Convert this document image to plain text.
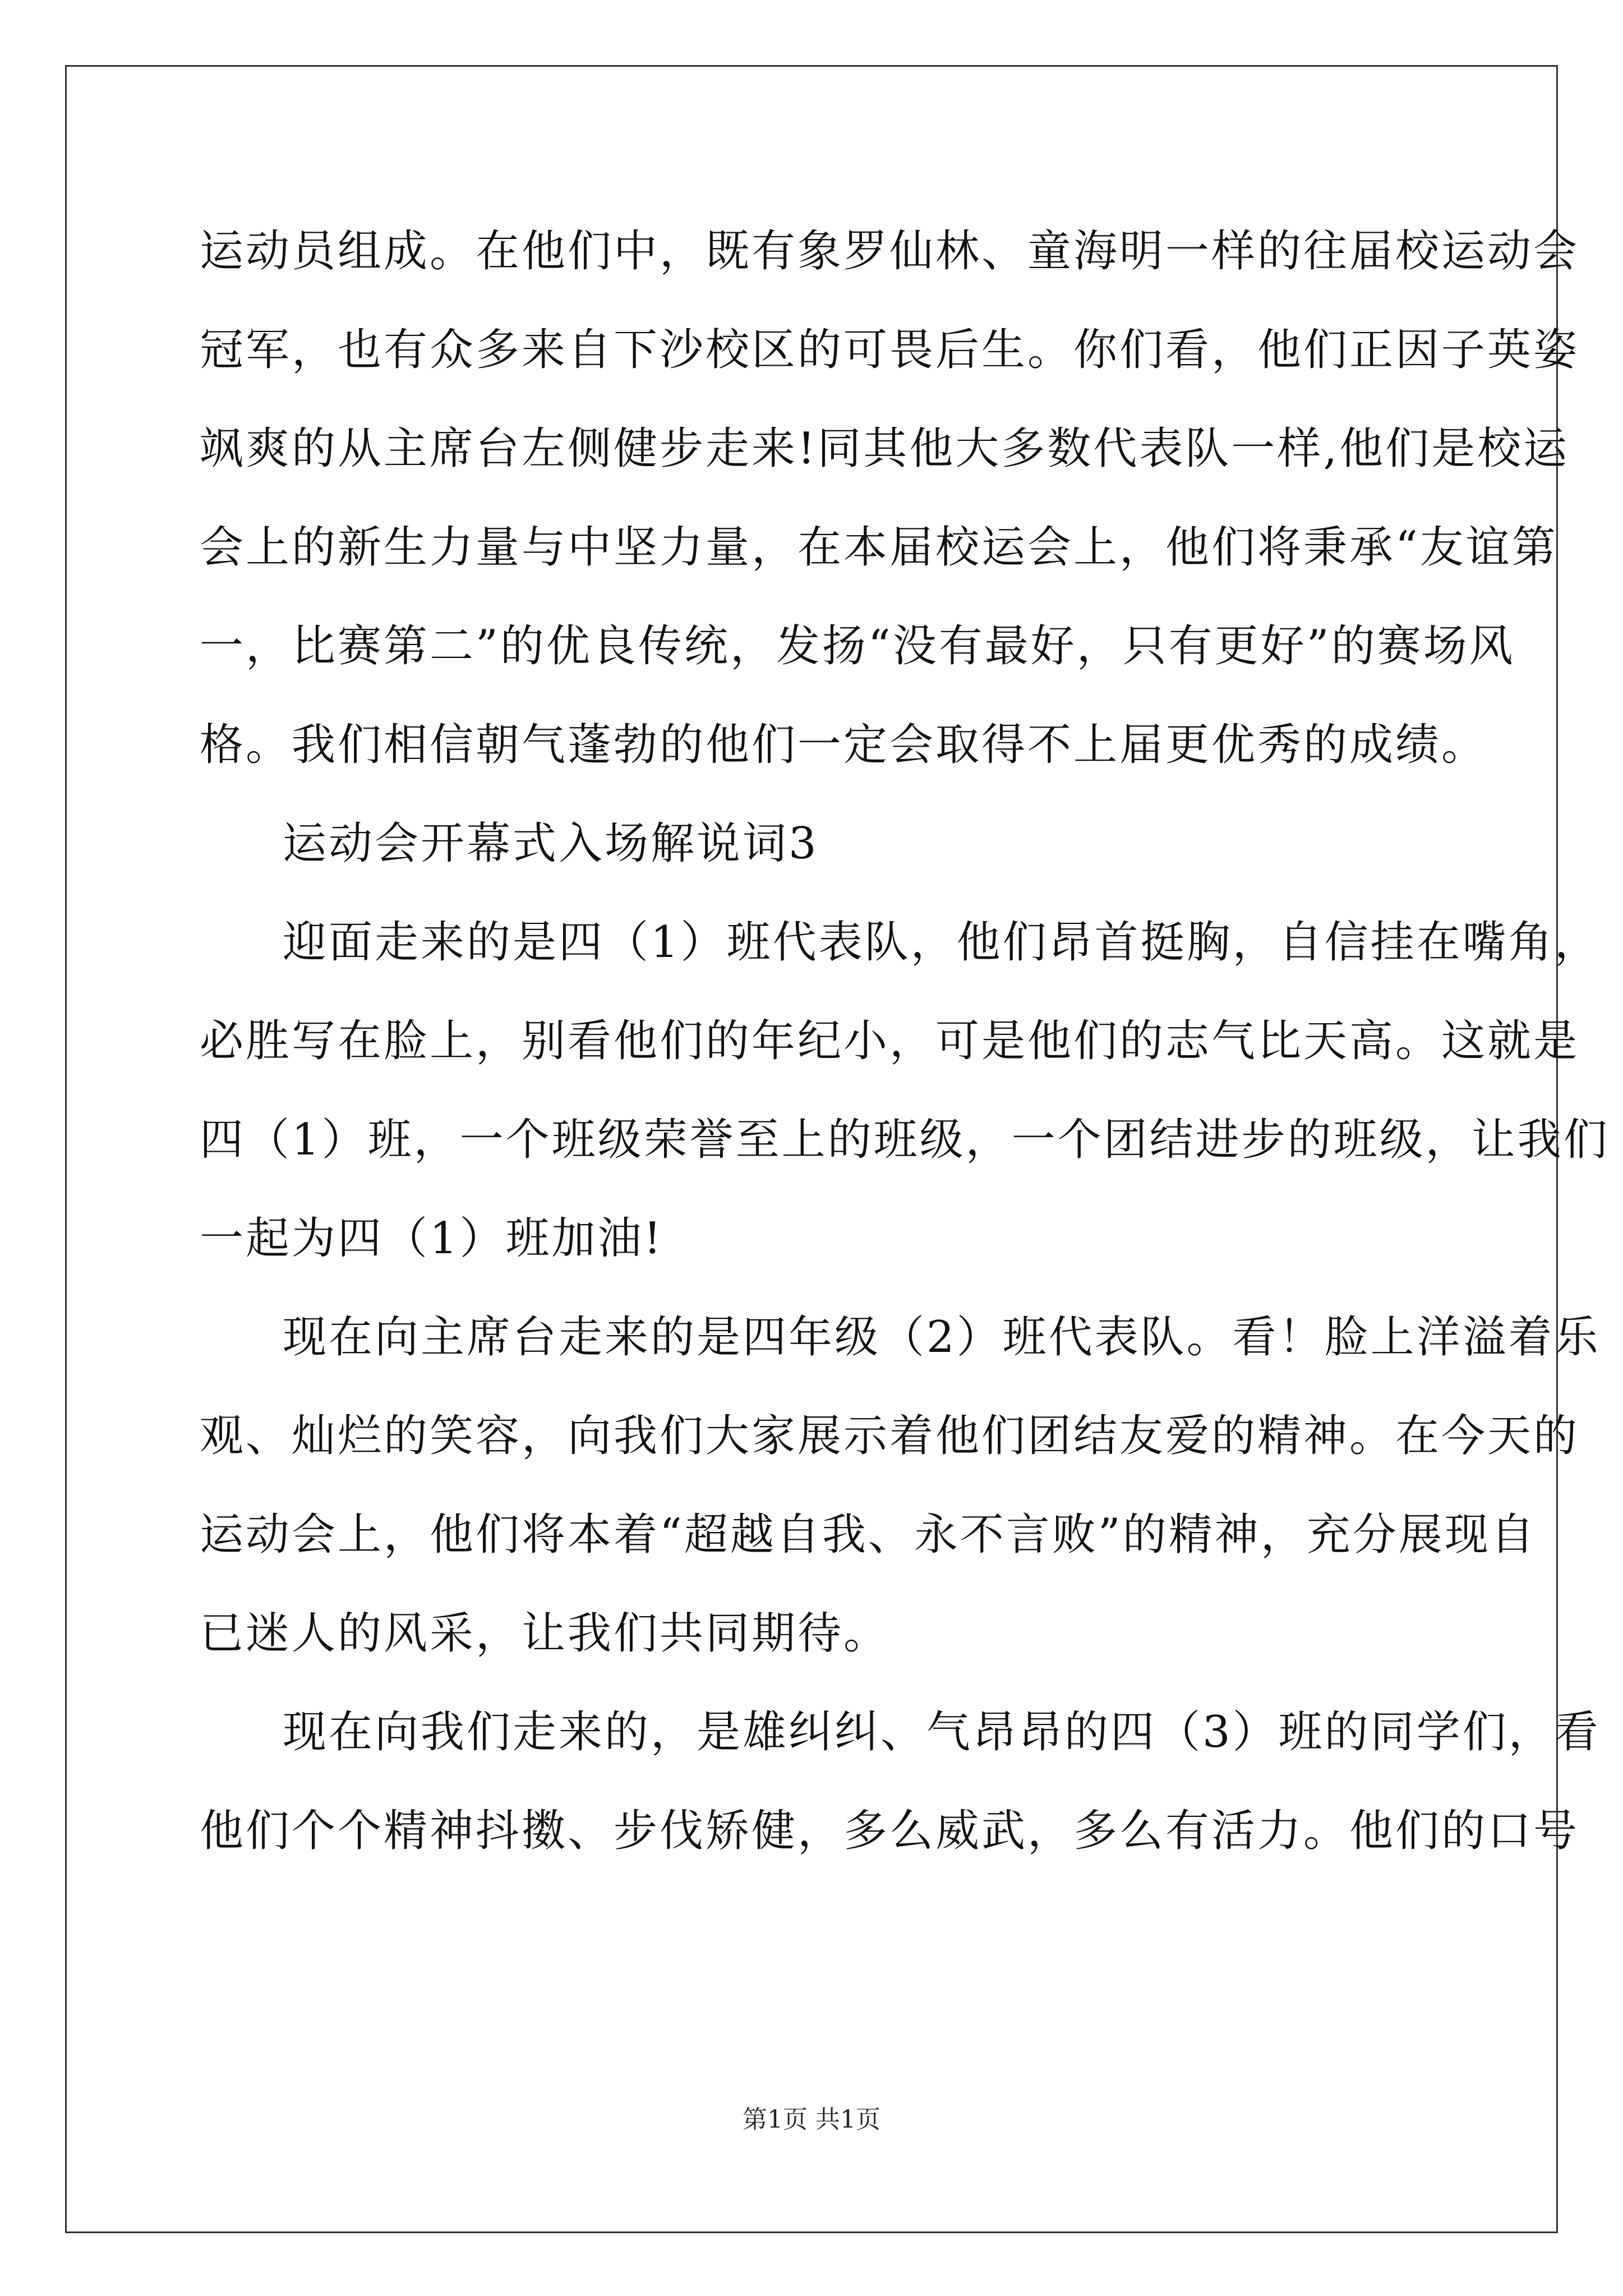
运动员组成。在他们中，既有象罗仙林、童海明一样的往届校运动会
冠军，也有众多来自下沙校区的可畏后生。你们看，他们正因子英姿
飒爽的从主席台左侧健步走来!同其他大多数代表队一样,他们是校运
会上的新生力量与中坚力量，在本届校运会上，他们将秉承“友谊第
一，比赛第二”的优良传统，发扬“没有最好，只有更好”的赛场风
格。我们相信朝气蓬勃的他们一定会取得不上届更优秀的成绩。

运动会开幕式入场解说词3

迎面走来的是四（1）班代表队，他们昂首挺胸，自信挂在嘴角，
必胜写在脸上，别看他们的年纪小，可是他们的志气比天高。这就是
四（1）班，一个班级荣誉至上的班级，一个团结进步的班级，让我们
一起为四（1）班加油!

现在向主席台走来的是四年级（2）班代表队。看！脸上洋溢着乐
观、灿烂的笑容，向我们大家展示着他们团结友爱的精神。在今天的
运动会上，他们将本着“超越自我、永不言败”的精神，充分展现自
已迷人的风采，让我们共同期待。

现在向我们走来的，是雄纠纠、气昂昂的四（3）班的同学们，看
他们个个精神抖擞、步伐矫健，多么威武，多么有活力。他们的口号

第1页 共1页
